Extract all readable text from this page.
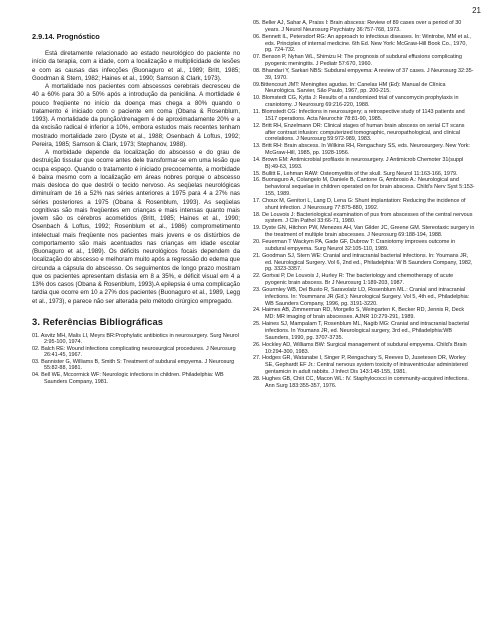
21
2.9.14. Prognóstico

Está diretamente relacionado ao estado neurológico do paciente no início da terapia, com a idade, com a localização e multiplicidade de lesões e com as causas das infecções (Buonaguro et al., 1989; Britt, 1985; Goodman & Stern, 1982; Haines et al., 1990; Samson & Clark, 1973).

A mortalidade nos pacientes com abscessos cerebrais decresceu de 40 a 60% para 30 a 50% após a introdução da penicilina. A mortlidade é pouco freqüente no início da doença mas chega a 80% quando o tratamento é iniciado com o paciente em coma (Obana & Rosenblum, 1993). A mortalidade da punção/drenagem é de aproximadamente 20% e a da excisão radical é inferior a 10%, embora estudos mais recentes tenham mostrado mortalidade zero (Dyste et al., 1988; Osenbach & Loftus, 1992; Pereira, 1985; Samson & Clark, 1973; Stephanov, 1988).

A morbidade depende da localização do abscesso e do grau de destruição tissular que ocorre antes dele transformar-se em uma lesão que ocupa espaço. Quando o tratamento é iniciado precocemente, a morbidade é baixa mesmo com a localização em áreas nobres porque o abscesso mais desloca do que destrói o tecido nervoso. As seqüelas neurológicas diminuíram de 16 a 52% nas séries anteriores a 1975 para 4 a 27% nas séries posteriores a 1975 (Obana & Rosenblum, 1993). As seqüelas cognitivas são mais freqüentes em crianças e mais intensas quanto mais jovem são os cérebros acometidos (Britt, 1985; Haines et al., 1990; Osenbach & Loftus, 1992; Rosenblum et al., 1986) comprometimento intelectual mais freqüente nos pacientes mais jovens e os distúrbios de comportamento são mais acentuados nas crianças em idade escolar (Buonaguro et al., 1989). Os déficits neurológicos focais dependem da localização do abscesso e melhoram muito após a regressão do edema que circunda a cápsula do abscesso. Os seguimentos de longo prazo mostram que os pacientes apresentam disfasia em 8 a 35%, e déficit visual em 4 a 13% dos casos (Obana & Rosenblum, 1993).A epilepsia é uma complicação tardia que ocorre em 10 a 27% dos pacientes (Buonaguro et al., 1989, Legg et al., 1973), e parece não ser alterada pelo método cirúrgico empregado.

3. Referências Bibliográficas

01. Asvitz MH, Malis LI, Meyrs BR:Prophylatic antibiotics in neurosurgery. Surg Neurol 2:95-100, 1974.

02. Balch RE: Wound infections complicating neurosurgical procedures. J Neurosurg 26:41-45, 1967.

03. Bannister G, Williams B, Smith S: Treatment of subdural empyema. J Neurosurg 55:82-88, 1981.

04. Bell WE, Mccormick WF: Neurologic infections in children. Philadelphia: WB Saunders Company, 1981.

05. Beller AJ, Sahar A, Praiss I: Brain abscess: Review of 89 cases over a period of 30 years. J Neurol Neurosurg Psychiatry 36:757-768, 1973.

06. Bennett IL, Petersdorf RG: An approach to infectious diseases. In: Wintrobe, MM et al., eds. Principles of internal medicine. 6th Ed. New York: McGraw-Hill Book Co., 1970, pg. 724-732.

07. Benson P, Nyhan WL, Shimizu H: The prognosis of subdural effusions complicating pyogenic meningitis. J Pediatr 57:670, 1960.

08. Bhandari Y, Sarkari NBS: Subdural empyema: A review of 37 cases. J Neurosurg 32:35-39, 1970.

09.Bittencourt JMT: Meningites agudas. In: Canelas HM (Ed): Manual de Clínica Neurológica. Sarvier, São Paulo, 1967, pp. 200-215.

10. Blomstedt CG, Kytta J: Results of a randomized trial of vancomycin prophylaxis in craniotomy. J Neurosurg 69:216-220, 1988.

11. Blomstedt CG: Infections in neurosurgery; a retrospective study of 1143 patients and 1517 operations. Acta Neurochir 78:81-90, 1985.

12. Britt RH, Enzelmann DR: Clinical stages of human brain abscess on serial CT scans after contrast infusion: computerized tomographic, neuropathological, and clinical correlations. J Neurosurg 59:972-989, 1983.

13. Britt RH: Brain abscess. In Wilkins RH, Rengachary SS, eds. Neurosurgery. New York: McGraw-Hill, 1985, pp. 1928-1956.

14. Brown EM: Antimicrobial profilaxis in neurosurgery. J Antimicrob Chemoter 31(suppl B):49-63, 1993.

15. Bullitt E, Lehman RAW: Osteomyelitis of the skull. Surg Neurol 11:163-166, 1979.

16. Buonaguro A, Colangelo M, Daniele B, Cantone G, Ambrosio A.: Neurological and behavioral sequelae in children operated on for brain abscess. Child's Nerv Syst 5:153-155, 1989.

17. Choux M, Genitori L, Lang D, Lena G: Shunt implantation: Reducing the incidence of shunt infection. J Neurosurg 77:875-880, 1992.

18. De Louvois J: Bacteriological examination of pus from abscesses of the central nervous system. J Clin Pathol 33:66-71, 1980.

19. Dyste GN, Hitchon PW, Menezes AH, Van Gilder JC, Greene GM. Stereotaxic surgery in the treatment of multiple brain abscesses. J Neurosurg 69:188-194, 1988.

20. Feuerman T Wackym PA, Gade GF, Dubrow T: Craniotomy improves outcome in subdural empyema. Surg Neurol 32:105-110, 1989.

21. Goodman SJ, Stern WE: Cranial and intracranial bacterial infections. In: Youmans JR, ed. Neurological Surgery. Vol 6, 2nd ed., Philadelphia: W B Saunders Company, 1982, pg. 3323-3357.

22. Gortvai P, De Louvois J, Hurley R: The bacteriology and chemotherapy of acute pyogenic brain abscess. Br J Neurosurg 1:189-203, 1987.

23. Gourmley WB, Del Busto R, Saravolatz LD, Rosenblum ML.: Cranial and intracranial infections. In: Yoummans JR (Ed.): Neurological Surgery. Vol 5, 4th ed., Philadelphia: WB Saunders Company, 1996, pg. 3191-3220.

24. Haimes AB, Zimmerman RD, Morgello S, Weingarten K, Becker RD, Jennis R, Deck MD: MR imaging of brain abscesses. AJNR 10:279-291, 1989.

25. Haines SJ, Mampalam T, Rosenblum ML, Nagib MG: Cranial and intracranial bacterial infections. In Youmans JR, ed. Neurological surgery, 3rd ed., Philadelphia:WB Saunders, 1990, pg. 3707-3735.

26. Hockley AD, Williams BW: Surgical management of subdural empyema. Child's Brain 10:294-300, 1983.

27. Hodges GR, Watanabe I, Singer P, Rengachary S, Reeves D, Jusetesen DR, Worley SE, Gephardt EF Jr.: Central nervous system toxicity of intraventricular administered gentamicin in adult rabbits. J Infect Dis 143:148-155, 1981.

28. Hughes GB, Chiit CC, Macon WL: IV. Staphylococci in community-acquired infections. Ann Surg 183:355-357, 1976.
